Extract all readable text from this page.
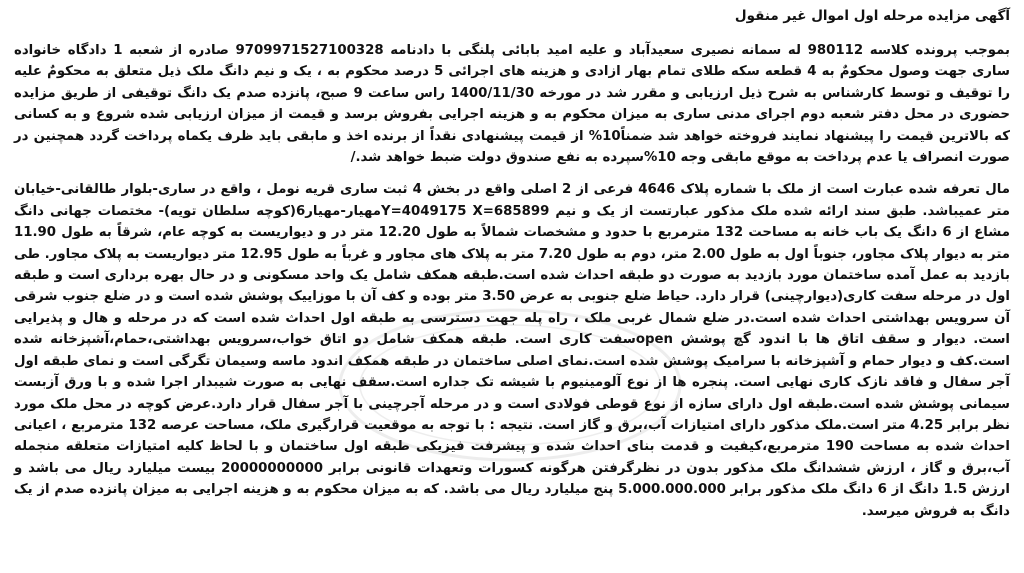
آگهی مزایده مرحله اول اموال غیر منقول

بموجب پرونده کلاسه 980112 له سمانه نصیری سعیدآباد و علیه امید بابائی پلنگی با دادنامه 9709971527100328 صادره از شعبه 1 دادگاه خانواده ساری جهت وصول محکومٌ به 4 قطعه سکه طلای تمام بهار ازادی و هزینه های اجرائی 5 درصد محکوم به ، یک و نیم دانگ ملک ذیل متعلق به محکومٌ علیه را توقیف و توسط کارشناس به شرح ذیل ارزیابی و مقرر شد در مورخه 1400/11/30 راس ساعت 9 صبح، پانزده صدم یک دانگ توقیفی از طریق مزایده حضوری در محل دفتر شعبه دوم اجرای مدنی ساری به میزان محکوم به و هزینه اجرایی بفروش برسد و قیمت از میزان ارزیابی شده شروع و به کسانی که بالاترین قیمت را پیشنهاد نمایند فروخته خواهد شد ضمناً10% از قیمت پیشنهادی نقداً از برنده اخذ و مابقی باید ظرف یکماه پرداخت گردد همچنین در صورت انصراف یا عدم پرداخت به موقع مابقی وجه 10%سپرده به نفع صندوق دولت ضبط خواهد شد./

مال تعرفه شده عبارت است از ملک با شماره پلاک 4646 فرعی از 2 اصلی واقع در بخش 4 ثبت ساری قریه نومل ، واقع در ساری-بلوار طالقانی-خیابان متر عمیباشد. طبق سند ارائه شده ملک مذکور عبارتست از یک و نیم Y=4049175 X=685899مهیار-مهیار6(کوچه سلطان تویه)- مختصات جهانی دانگ مشاع از 6 دانگ یک باب خانه به مساحت 132 مترمربع با حدود و مشخصات شمالاً به طول 12.20 متر در و دیواریست به کوچه عام، شرقاً به طول 11.90 متر به دیوار پلاک مجاور، جنوباً اول به طول 2.00 متر، دوم به طول 7.20 متر به پلاک های مجاور و غرباً به طول 12.95 متر دیواریست به پلاک مجاور. طی بازدید به عمل آمده ساختمان مورد بازدید به صورت دو طبقه احداث شده است.طبقه همکف شامل یک واحد مسکونی و در حال بهره برداری است و طبقه اول در مرحله سفت کاری(دیوارچینی) قرار دارد. حیاط ضلع جنوبی به عرض 3.50 متر بوده و کف آن با موزاییک پوشش شده است و در ضلع جنوب شرقی آن سرویس بهداشتی احداث شده است.در ضلع شمال غربی ملک ، راه پله جهت دسترسی به طبقه اول احداث شده است که در مرحله و هال و پذیرایی است. دیوار و سقف اتاق ها با اندود گچ پوشش openسفت کاری است. طبقه همکف شامل دو اتاق خواب،سرویس بهداشتی،حمام،آشپزخانه شده است.کف و دیوار حمام و آشپزخانه با سرامیک پوشش شده است.نمای اصلی ساختمان در طبقه همکف اندود ماسه وسیمان تگرگی است و نمای طبقه اول آجر سفال و فاقد نازک کاری نهایی است. پنجره ها از نوع آلومینیوم با شیشه تک جداره است.سقف نهایی به صورت شیبدار اجرا شده و با ورق آزبست سیمانی پوشش شده است.طبقه اول دارای سازه از نوع قوطی فولادی است و در مرحله آجرچینی با آجر سفال قرار دارد.عرض کوچه در محل ملک مورد نظر برابر 4.25 متر است.ملک مذکور دارای امتیازات آب،برق و گاز است. نتیجه : با توجه به موقعیت قرارگیری ملک، مساحت عرصه 132 مترمربع ، اعیانی احداث شده به مساحت 190 مترمربع،کیفیت و قدمت بنای احداث شده و پیشرفت فیزیکی طبقه اول ساختمان و با لحاظ کلیه امتیازات متعلقه منجمله آب،برق و گاز ، ارزش ششدانگ ملک مذکور بدون در نظرگرفتن هرگونه کسورات وتعهدات قانونی برابر 20000000000 بیست میلیارد ریال می باشد و ارزش 1.5 دانگ از 6 دانگ ملک مذکور برابر 5.000.000.000 پنج میلیارد ریال می باشد. که به میزان محکوم به و هزینه اجرایی به میزان پانزده صدم از یک دانگ به فروش میرسد.
